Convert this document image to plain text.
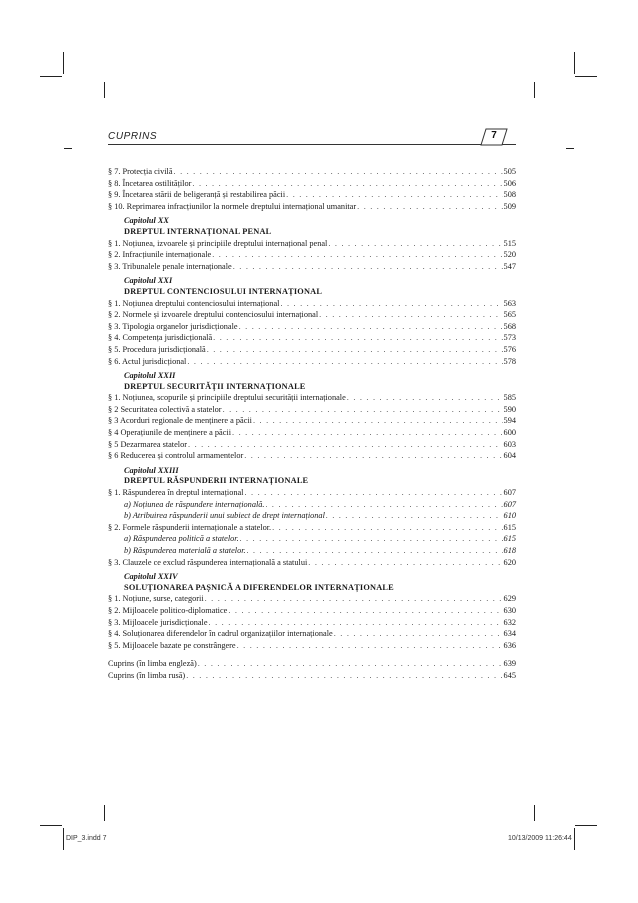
CUPRINS	7
§ 7. Protecția civilă . . .	505
§ 8. Încetarea ostilităților . . .	506
§ 9. Încetarea stării de beligeranță și restabilirea păcii . . .	508
§ 10. Reprimarea infracțiunilor la normele dreptului internațional umanitar . . .	509
Capitolul XX
DREPTUL INTERNAȚIONAL PENAL
§ 1. Noțiunea, izvoarele și principiile dreptului internațional penal . . .	515
§ 2. Infracțiunile internaționale . . .	520
§ 3. Tribunalele penale internaționale . . .	547
Capitolul XXI
DREPTUL CONTENCIOSULUI INTERNAȚIONAL
§ 1. Noțiunea dreptului contenciosului internațional . . .	563
§ 2. Normele și izvoarele dreptului contenciosului internațional . . .	565
§ 3. Tipologia organelor jurisdicționale . . .	568
§ 4. Competența jurisdicțională . . .	573
§ 5. Procedura jurisdicțională . . .	576
§ 6. Actul jurisdicțional . . .	578
Capitolul XXII
DREPTUL SECURITĂȚII INTERNAȚIONALE
§ 1. Noțiunea, scopurile și principiile dreptului securității internaționale . . .	585
§ 2 Securitatea colectivă a statelor . . .	590
§ 3 Acorduri regionale de menținere a păcii . . .	594
§ 4 Operațiunile de menținere a păcii . . .	600
§ 5 Dezarmarea statelor . . .	603
§ 6 Reducerea și controlul armamentelor . . .	604
Capitolul XXIII
DREPTUL RĂSPUNDERII INTERNAȚIONALE
§ 1. Răspunderea în dreptul internațional . . .	607
a) Noțiunea de răspundere internațională. . . .	607
b) Atribuirea răspunderii unui subiect de drept internațional . . .	610
§ 2. Formele răspunderii internaționale a statelor. . . .	615
a) Răspunderea politică a statelor. . . .	615
b) Răspunderea materială a statelor. . . .	618
§ 3. Clauzele ce exclud răspunderea internațională a statului . . .	620
Capitolul XXIV
SOLUȚIONAREA PAȘNICĂ A DIFERENDELOR INTERNAȚIONALE
§ 1. Noțiune, surse, categorii . . .	629
§ 2. Mijloacele politico-diplomatice . . .	630
§ 3. Mijloacele jurisdicționale . . .	632
§ 4. Soluționarea diferendelor în cadrul organizațiilor internaționale . . .	634
§ 5. Mijloacele bazate pe constrângere . . .	636
Cuprins (în limba engleză) . . .	639
Cuprins (în limba rusă) . . .	645
DIP_3.indd 7	10/13/2009 11:26:44
